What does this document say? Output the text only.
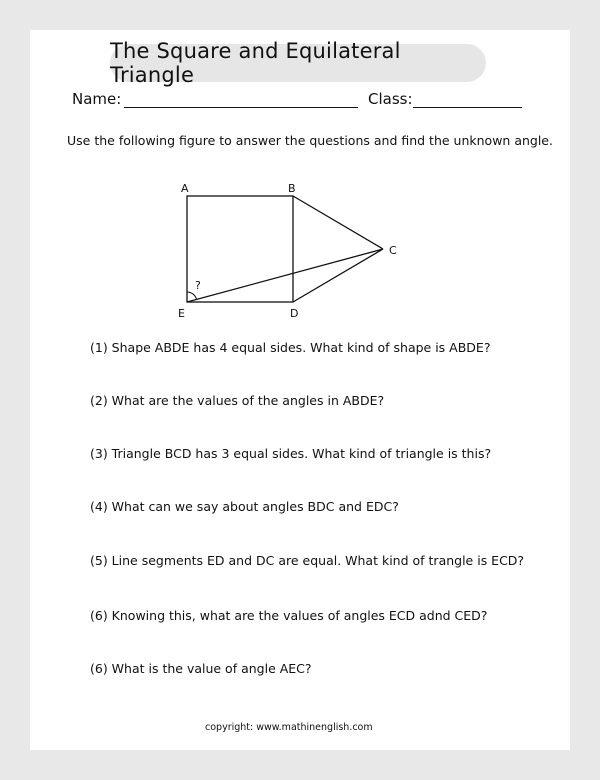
The Square and Equilateral Triangle
Name:	Class:
Use the following figure to answer the questions and find the unknown angle.
A	B
C
D
E
?
(1) Shape ABDE has 4 equal sides. What kind of shape is ABDE?
(2) What are the values of the angles in ABDE?
(3) Triangle BCD has 3 equal sides. What kind of triangle is this?
(4) What can we say about angles BDC and EDC?
(5) Line segments ED and DC are equal. What kind of trangle is ECD?
(6) Knowing this, what are the values of angles ECD adnd CED?
(6) What is the value of angle AEC?
copyright: www.mathinenglish.com
